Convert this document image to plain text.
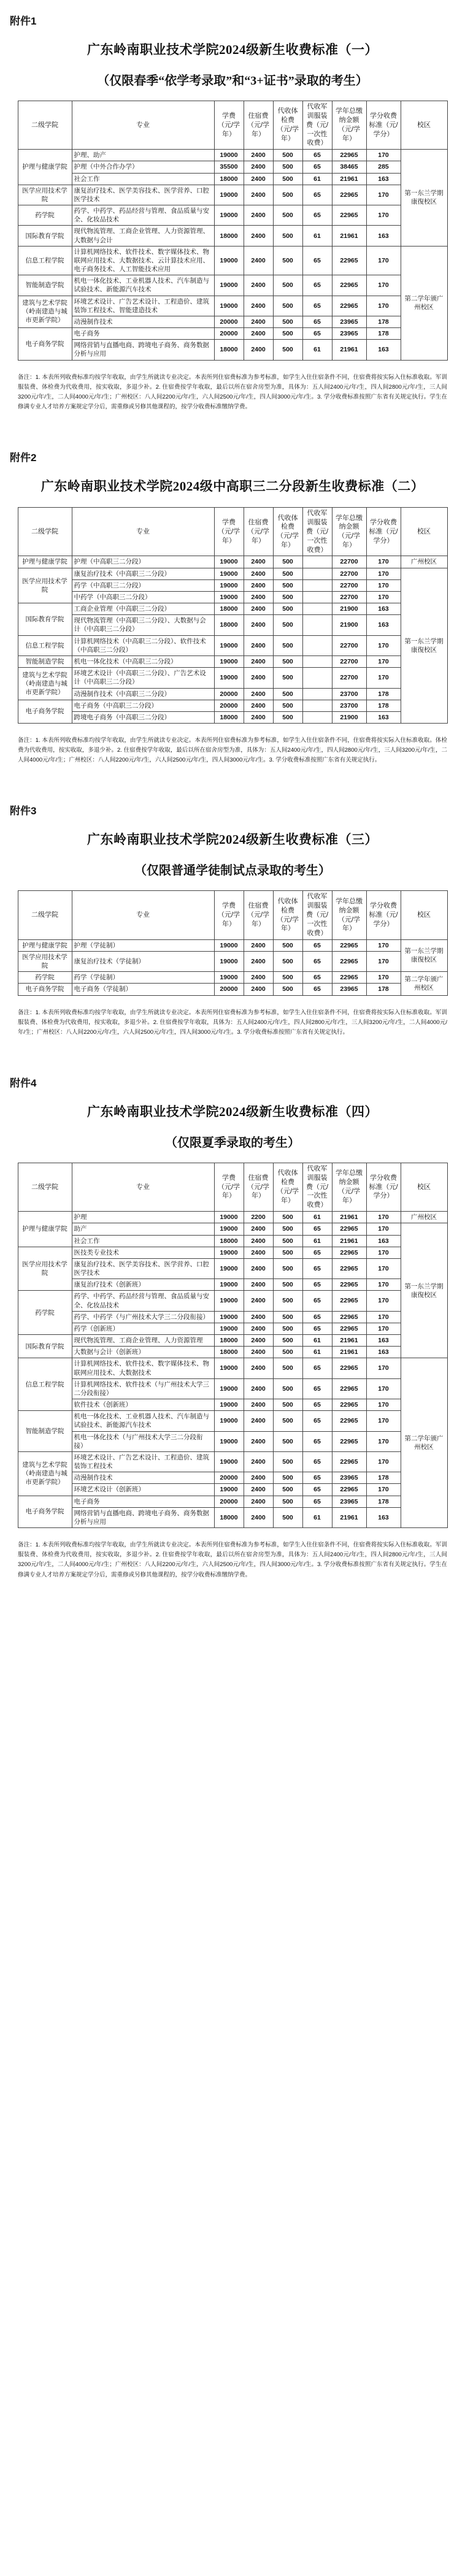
附件1
广东岭南职业技术学院2024级新生收费标准（一）
（仅限春季“依学考录取”和“3+证书”录取的考生）
二级学院	专业	学费（元/学年）	住宿费（元/学年）	代收体检费（元/学年）	代收军训服装费（元/一次性收费）	学年总缴纳金额（元/学年）	学分收费标准（元/学分）	校区
护理与健康学院	护理、助产	19000	2400	500	65	22965	170	第一东兰学期康復校区
	护理（中外合作办学）	35500	2400	500	65	38465	285	
	社会工作	18000	2400	500	61	21961	163	
医学应用技术学院	康复治疗技术、医学美容技术、医学营养、口腔医学技术	19000	2400	500	65	22965	170	
药学院	药学、中药学、药品经营与管理、食品质量与安全、化妆品技术	19000	2400	500	65	22965	170	
国际教育学院	现代物流管理、工商企业管理、人力资源管理、大数据与会计	18000	2400	500	61	21961	163	
信息工程学院	计算机网络技术、软件技术、数字媒体技术、物联网应用技术、大数据技术、云计算技术应用、电子商务技术、人工智能技术应用	19000	2400	500	65	22965	170	第二学年颁广州校区
智能制造学院	机电一体化技术、工业机器人技术、汽车制造与试验技术、新能源汽车技术	19000	2400	500	65	22965	170	
建筑与艺术学院（岭南建造与城市更新学院）	环境艺术设计、广告艺术设计、工程造价、建筑装饰工程技术、智能建造技术	19000	2400	500	65	22965	170	
	动漫制作技术	20000	2400	500	65	23965	178	
电子商务学院	电子商务	20000	2400	500	65	23965	178	
	网络营销与直播电商、跨境电子商务、商务数据分析与应用	18000	2400	500	61	21961	163	
备注：1. 本表所列收费标准均按学年收取，由学生所就读专业决定。本表所列住宿费标准为参考标准，如学生入住住宿条件不同，住宿费将按实际入住标准收取。军训服装费、体检费为代收费用，按实收取，多退少补。2. 住宿费按学年收取，最后以所在宿舍房型为准，具体为：五人间2400元/年/生，四人间2800元/年/生，三人间3200元/年/生，二人间4000元/年/生；广州校区：八人间2200元/年/生，六人间2500元/年/生，四人间3000元/年/生。3. 学分收费标准按照广东省有关规定执行。学生在修满专业人才培养方案规定学分后，需重修或另修其他课程的，按学分收费标准缴纳学费。
附件2
广东岭南职业技术学院2024级中高职三二分段新生收费标准（二）
二级学院	专业	学费（元/学年）	住宿费（元/学年）	代收体检费（元/学年）	代收军训服装费（元/一次性收费）	学年总缴纳金额（元/学年）	学分收费标准（元/学分）	校区
护理与健康学院	护理（中高职三二分段）	19000	2400	500		22700	170	广州校区
医学应用技术学院	康复治疗技术（中高职三二分段）	19000	2400	500		22700	170	第一东兰学期康復校区
	药学（中高职三二分段）	19000	2400	500		22700	170	
	中药学（中高职三二分段）	19000	2400	500		22700	170	
国际教育学院	工商企业管理（中高职三二分段）	18000	2400	500		21900	163	
	现代物流管理（中高职三二分段）、大数据与会计（中高职三二分段）	18000	2400	500		21900	163	
信息工程学院	计算机网络技术（中高职三二分段）、软件技术（中高职三二分段）	19000	2400	500		22700	170	
智能制造学院	机电一体化技术（中高职三二分段）	19000	2400	500		22700	170	
建筑与艺术学院（岭南建造与城市更新学院）	环境艺术设计（中高职三二分段）、广告艺术设计（中高职三二分段）	19000	2400	500		22700	170	
	动漫制作技术（中高职三二分段）	20000	2400	500		23700	178	
电子商务学院	电子商务（中高职三二分段）	20000	2400	500		23700	178	
	跨境电子商务（中高职三二分段）	18000	2400	500		21900	163	
备注：1. 本表所列收费标准均按学年收取，由学生所就读专业决定。本表所列住宿费标准为参考标准，如学生入住住宿条件不同，住宿费将按实际入住标准收取。体检费为代收费用，按实收取，多退少补。2. 住宿费按学年收取，最后以所在宿舍房型为准，具体为：五人间2400元/年/生，四人间2800元/年/生，三人间3200元/年/生，二人间4000元/年/生；广州校区：八人间2200元/年/生，六人间2500元/年/生，四人间3000元/年/生。3. 学分收费标准按照广东省有关规定执行。
附件3
广东岭南职业技术学院2024级新生收费标准（三）
（仅限普通学徒制试点录取的考生）
二级学院	专业	学费（元/学年）	住宿费（元/学年）	代收体检费（元/学年）	代收军训服装费（元/一次性收费）	学年总缴纳金额（元/学年）	学分收费标准（元/学分）	校区
护理与健康学院	护理（学徒制）	19000	2400	500	65	22965	170	第一东兰学期康復校区
医学应用技术学院	康复治疗技术（学徒制）	19000	2400	500	65	22965	170	
药学院	药学（学徒制）	19000	2400	500	65	22965	170	第二学年颁广州校区
电子商务学院	电子商务（学徒制）	20000	2400	500	65	23965	178	
备注：1. 本表所列收费标准均按学年收取，由学生所就读专业决定。本表所列住宿费标准为参考标准，如学生入住住宿条件不同，住宿费将按实际入住标准收取。军训服装费、体检费为代收费用，按实收取，多退少补。2. 住宿费按学年收取，具体为：五人间2400元/年/生，四人间2800元/年/生，三人间3200元/年/生，二人间4000元/年/生；广州校区：八人间2200元/年/生，六人间2500元/年/生，四人间3000元/年/生。3. 学分收费标准按照广东省有关规定执行。
附件4
广东岭南职业技术学院2024级新生收费标准（四）
（仅限夏季录取的考生）
二级学院	专业	学费（元/学年）	住宿费（元/学年）	代收体检费（元/学年）	代收军训服装费（元/一次性收费）	学年总缴纳金额（元/学年）	学分收费标准（元/学分）	校区
护理与健康学院	护理	19000	2200	500	61	21961	170	广州校区
	助产	19000	2400	500	65	22965	170	第一东兰学期康復校区
	社会工作	18000	2400	500	61	21961	163	
医学应用技术学院	医技类专业技术	19000	2400	500	65	22965	170	
	康复治疗技术、医学美容技术、医学营养、口腔医学技术	19000	2400	500	65	22965	170	
	康复治疗技术（创新班）	19000	2400	500	65	22965	170	
药学院	药学、中药学、药品经营与管理、食品质量与安全、化妆品技术	19000	2400	500	65	22965	170	
	药学、中药学（与广州技术大学三二分段衔接）	19000	2400	500	65	22965	170	
	药学（创新班）	19000	2400	500	65	22965	170	
国际教育学院	现代物流管理、工商企业管理、人力资源管理	18000	2400	500	61	21961	163	
	大数据与会计（创新班）	18000	2400	500	61	21961	163	
信息工程学院	计算机网络技术、软件技术、数字媒体技术、物联网应用技术、大数据技术	19000	2400	500	65	22965	170	第二学年颁广州校区
	计算机网络技术、软件技术（与广州技术大学三二分段衔接）	19000	2400	500	65	22965	170	
	软件技术（创新班）	19000	2400	500	65	22965	170	
智能制造学院	机电一体化技术、工业机器人技术、汽车制造与试验技术、新能源汽车技术	19000	2400	500	65	22965	170	
	机电一体化技术（与广州技术大学三二分段衔接）	19000	2400	500	65	22965	170	
建筑与艺术学院（岭南建造与城市更新学院）	环境艺术设计、广告艺术设计、工程造价、建筑装饰工程技术	19000	2400	500	65	22965	170	
	动漫制作技术	20000	2400	500	65	23965	178	
	环境艺术设计（创新班）	19000	2400	500	65	22965	170	
电子商务学院	电子商务	20000	2400	500	65	23965	178	
	网络营销与直播电商、跨境电子商务、商务数据分析与应用	18000	2400	500	61	21961	163	
备注：1. 本表所列收费标准均按学年收取，由学生所就读专业决定。本表所列住宿费标准为参考标准，如学生入住住宿条件不同，住宿费将按实际入住标准收取。军训服装费、体检费为代收费用，按实收取，多退少补。2. 住宿费按学年收取，最后以所在宿舍房型为准，具体为：五人间2400元/年/生，四人间2800元/年/生，三人间3200元/年/生，二人间4000元/年/生；广州校区：八人间2200元/年/生，六人间2500元/年/生，四人间3000元/年/生。3. 学分收费标准按照广东省有关规定执行。学生在修满专业人才培养方案规定学分后，需重修或另修其他课程的，按学分收费标准缴纳学费。
